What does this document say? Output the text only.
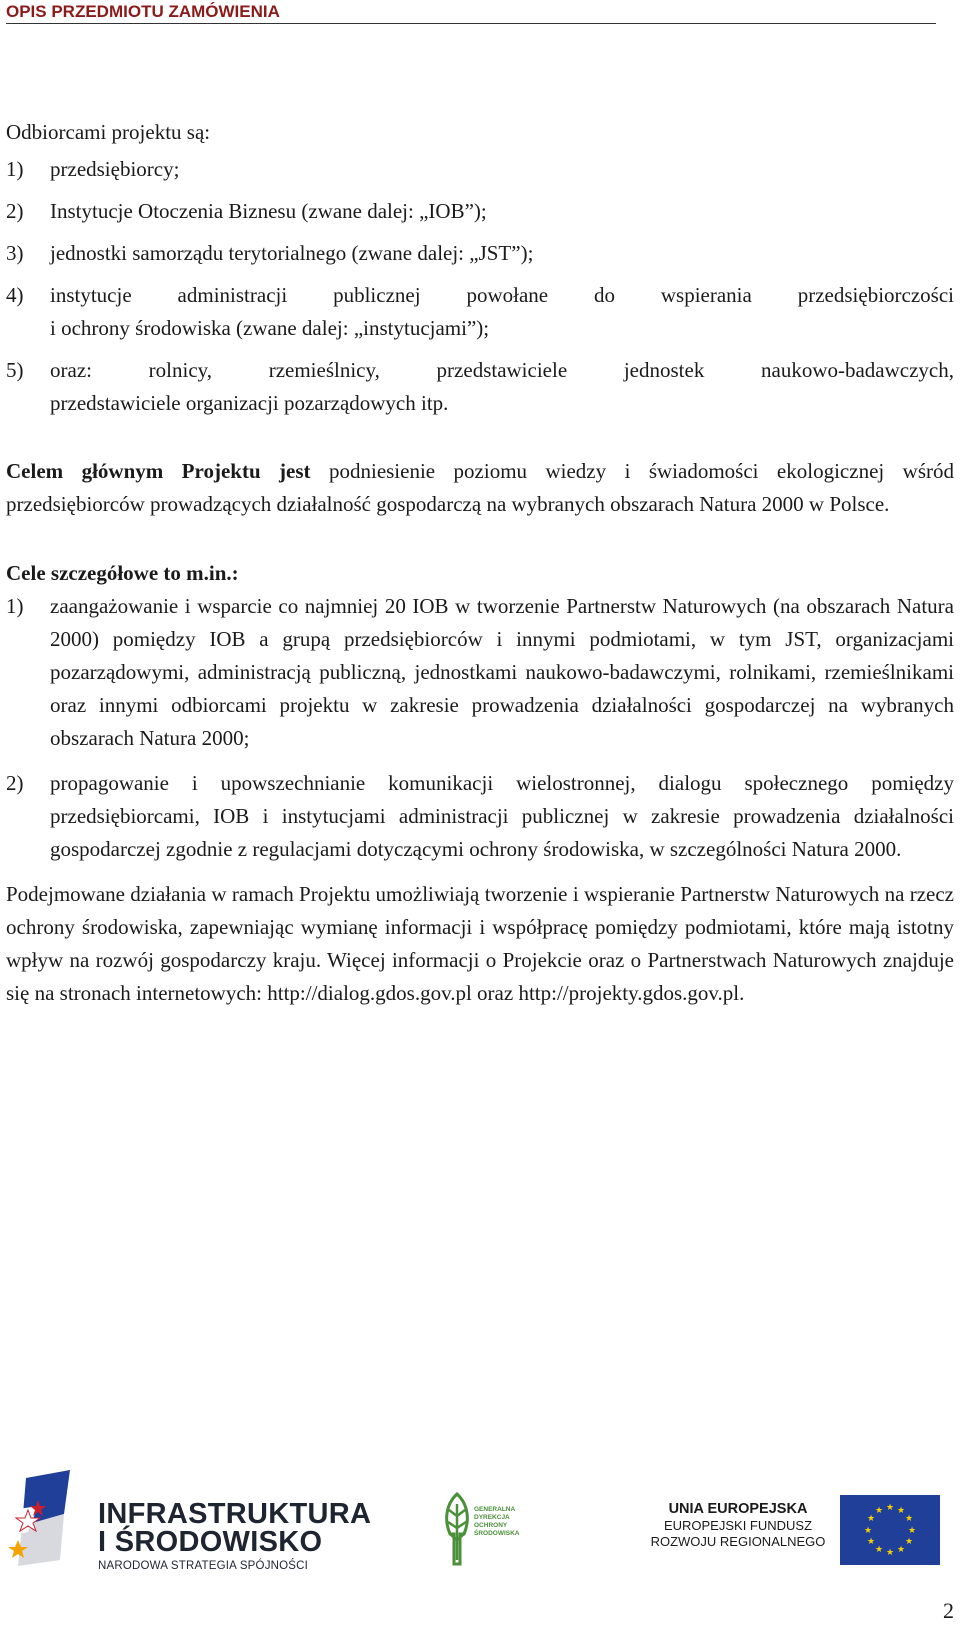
OPIS PRZEDMIOTU ZAMÓWIENIA

Odbiorcami projektu są:

1)	przedsiębiorcy;
2)	Instytucje Otoczenia Biznesu (zwane dalej: „IOB”);
3)	jednostki samorządu terytorialnego (zwane dalej: „JST”);
4)	instytucje administracji publicznej powołane do wspierania przedsiębiorczości
i ochrony środowiska (zwane dalej: „instytucjami”);
5)	oraz: rolnicy, rzemieślnicy, przedstawiciele jednostek naukowo-badawczych,
przedstawiciele organizacji pozarządowych itp.

Celem głównym Projektu jest podniesienie poziomu wiedzy i świadomości ekologicznej wśród przedsiębiorców prowadzących działalność gospodarczą na wybranych obszarach Natura 2000 w Polsce.

Cele szczegółowe to m.in.:

1)	zaangażowanie i wsparcie co najmniej 20 IOB w tworzenie Partnerstw Naturowych (na obszarach Natura 2000) pomiędzy IOB a grupą przedsiębiorców i innymi podmiotami, w tym JST, organizacjami pozarządowymi, administracją publiczną, jednostkami naukowo-badawczymi, rolnikami, rzemieślnikami oraz innymi odbiorcami projektu w zakresie prowadzenia działalności gospodarczej na wybranych obszarach Natura 2000;
2)	propagowanie i upowszechnianie komunikacji wielostronnej, dialogu społecznego pomiędzy przedsiębiorcami, IOB i instytucjami administracji publicznej w zakresie prowadzenia działalności gospodarczej zgodnie z regulacjami dotyczącymi ochrony środowiska, w szczególności Natura 2000.

Podejmowane działania w ramach Projektu umożliwiają tworzenie i wspieranie Partnerstw Naturowych na rzecz ochrony środowiska, zapewniając wymianę informacji i współpracę pomiędzy podmiotami, które mają istotny wpływ na rozwój gospodarczy kraju. Więcej informacji o Projekcie oraz o Partnerstwach Naturowych znajduje się na stronach internetowych: http://dialog.gdos.gov.pl oraz http://projekty.gdos.gov.pl.

INFRASTRUKTURA
I ŚRODOWISKO
NARODOWA STRATEGIA SPÓJNOŚCI
GENERALNA
DYREKCJA
OCHRONY
ŚRODOWISKA
UNIA EUROPEJSKA
EUROPEJSKI FUNDUSZ
ROZWOJU REGIONALNEGO
★ ★
★
★
★
★
★
★
★
★
★
★
2
